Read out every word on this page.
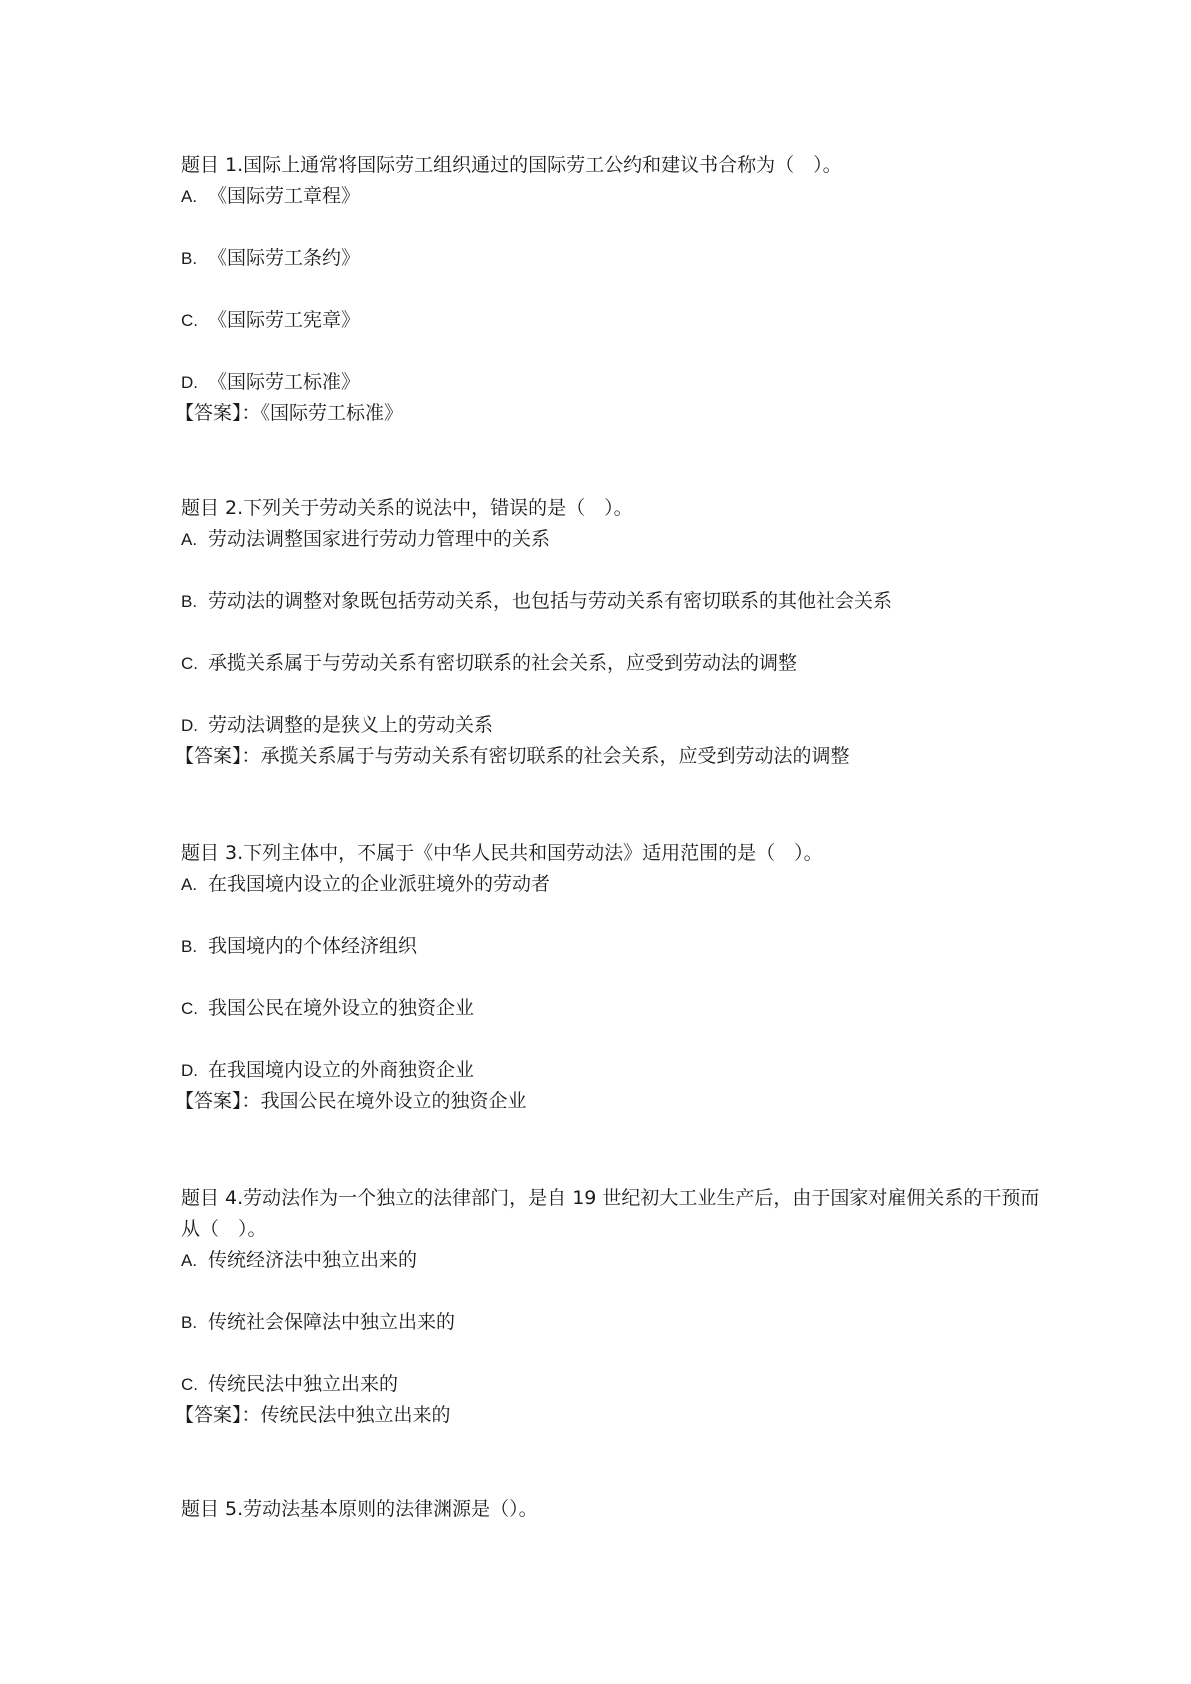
题目 1.国际上通常将国际劳工组织通过的国际劳工公约和建议书合称为（　）。

A. 《国际劳工章程》

B. 《国际劳工条约》

C. 《国际劳工宪章》

D. 《国际劳工标准》

【答案】：《国际劳工标准》

题目 2.下列关于劳动关系的说法中，错误的是（　）。

A. 劳动法调整国家进行劳动力管理中的关系

B. 劳动法的调整对象既包括劳动关系，也包括与劳动关系有密切联系的其他社会关系

C. 承揽关系属于与劳动关系有密切联系的社会关系，应受到劳动法的调整

D. 劳动法调整的是狭义上的劳动关系

【答案】：承揽关系属于与劳动关系有密切联系的社会关系，应受到劳动法的调整

题目 3.下列主体中，不属于《中华人民共和国劳动法》适用范围的是（　）。

A. 在我国境内设立的企业派驻境外的劳动者

B. 我国境内的个体经济组织

C. 我国公民在境外设立的独资企业

D. 在我国境内设立的外商独资企业

【答案】：我国公民在境外设立的独资企业

题目 4.劳动法作为一个独立的法律部门，是自 19 世纪初大工业生产后，由于国家对雇佣关系的干预而从（　）。

A. 传统经济法中独立出来的

B. 传统社会保障法中独立出来的

C. 传统民法中独立出来的

【答案】：传统民法中独立出来的

题目 5.劳动法基本原则的法律渊源是（）。
